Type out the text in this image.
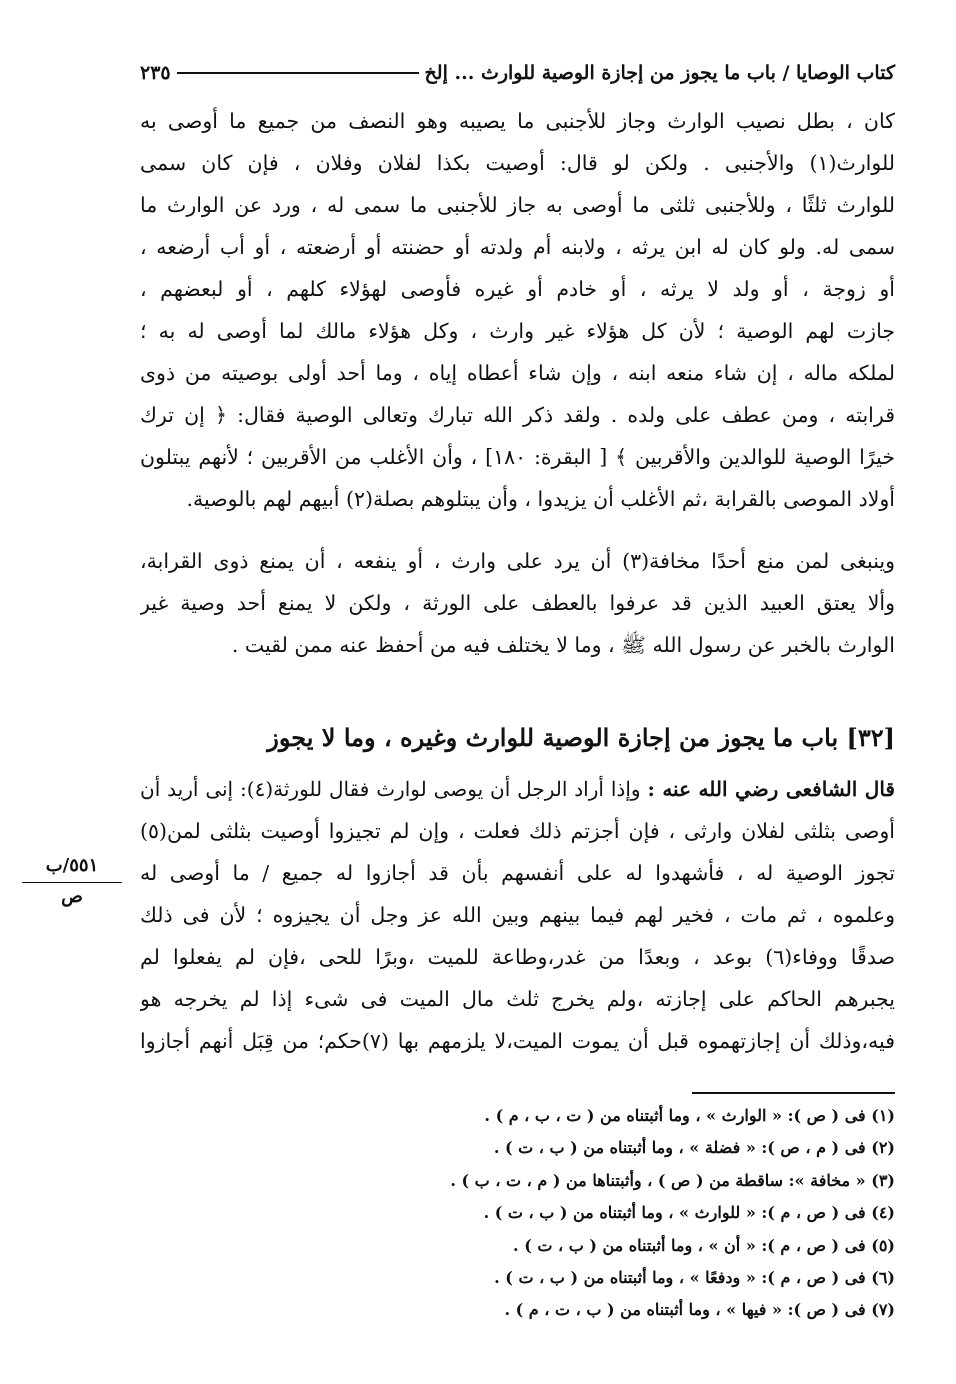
كتاب الوصايا / باب ما يجوز من إجازة الوصية للوارث ... إلخ
٢٣٥
كان ، بطل نصيب الوارث وجاز للأجنبى ما يصيبه وهو النصف من جميع ما أوصى به
للوارث(١) والأجنبى . ولكن لو قال: أوصيت بكذا لفلان وفلان ، فإن كان سمى
للوارث ثلثًا ، وللأجنبى ثلثى ما أوصى به جاز للأجنبى ما سمى له ، ورد عن الوارث ما
سمى له. ولو كان له ابن يرثه ، ولابنه أم ولدته أو حضنته أو أرضعته ، أو أب أرضعه ،
أو زوجة ، أو ولد لا يرثه ، أو خادم أو غيره فأوصى لهؤلاء كلهم ، أو لبعضهم ،
جازت لهم الوصية ؛ لأن كل هؤلاء غير وارث ، وكل هؤلاء مالك لما أوصى له به ؛
لملكه ماله ، إن شاء منعه ابنه ، وإن شاء أعطاه إياه ، وما أحد أولى بوصيته من ذوى
قرابته ، ومن عطف على ولده . ولقد ذكر الله تبارك وتعالى الوصية فقال: ﴿ إن ترك
خيرًا الوصية للوالدين والأقربين ﴾ [ البقرة: ١٨٠] ، وأن الأغلب من الأقربين ؛ لأنهم يبتلون
أولاد الموصى بالقرابة ،ثم الأغلب أن يزيدوا ، وأن يبتلوهم بصلة(٢) أبيهم لهم بالوصية.
وينبغى لمن منع أحدًا مخافة(٣) أن يرد على وارث ، أو ينفعه ، أن يمنع ذوى القرابة،
وألا يعتق العبيد الذين قد عرفوا بالعطف على الورثة ، ولكن لا يمنع أحد وصية غير
الوارث بالخبر عن رسول الله ﷺ ، وما لا يختلف فيه من أحفظ عنه ممن لقيت .
[٣٢] باب ما يجوز من إجازة الوصية للوارث وغيره ، وما لا يجوز
قال الشافعى رضي الله عنه : وإذا أراد الرجل أن يوصى لوارث فقال للورثة(٤): إنى أريد أن
أوصى بثلثى لفلان وارثى ، فإن أجزتم ذلك فعلت ، وإن لم تجيزوا أوصيت بثلثى لمن(٥)
تجوز الوصية له ، فأشهدوا له على أنفسهم بأن قد أجازوا له جميع / ما أوصى له
وعلموه ، ثم مات ، فخير لهم فيما بينهم وبين الله عز وجل أن يجيزوه ؛ لأن فى ذلك
صدقًا ووفاء(٦) بوعد ، وبعدًا من غدر،وطاعة للميت ،وبرًا للحى ،فإن لم يفعلوا لم
يجبرهم الحاكم على إجازته ،ولم يخرج ثلث مال الميت فى شىء إذا لم يخرجه هو
فيه،وذلك أن إجازتهموه قبل أن يموت الميت،لا يلزمهم بها (٧)حكم؛ من قِبَل أنهم أجازوا
٥٥١/ب
ص
(١) فى ( ص ): « الوارث » ، وما أثبتناه من ( ت ، ب ، م ) .
(٢) فى ( م ، ص ): « فضلة » ، وما أثبتناه من ( ب ، ت ) .
(٣) « مخافة »: ساقطة من ( ص ) ، وأثبتناها من ( م ، ت ، ب ) .
(٤) فى ( ص ، م ): « للوارث » ، وما أثبتناه من ( ب ، ت ) .
(٥) فى ( ص ، م ): « أن » ، وما أثبتناه من ( ب ، ت ) .
(٦) فى ( ص ، م ): « ودفعًا » ، وما أثبتناه من ( ب ، ت ) .
(٧) فى ( ص ): « فيها » ، وما أثبتناه من ( ب ، ت ، م ) .
